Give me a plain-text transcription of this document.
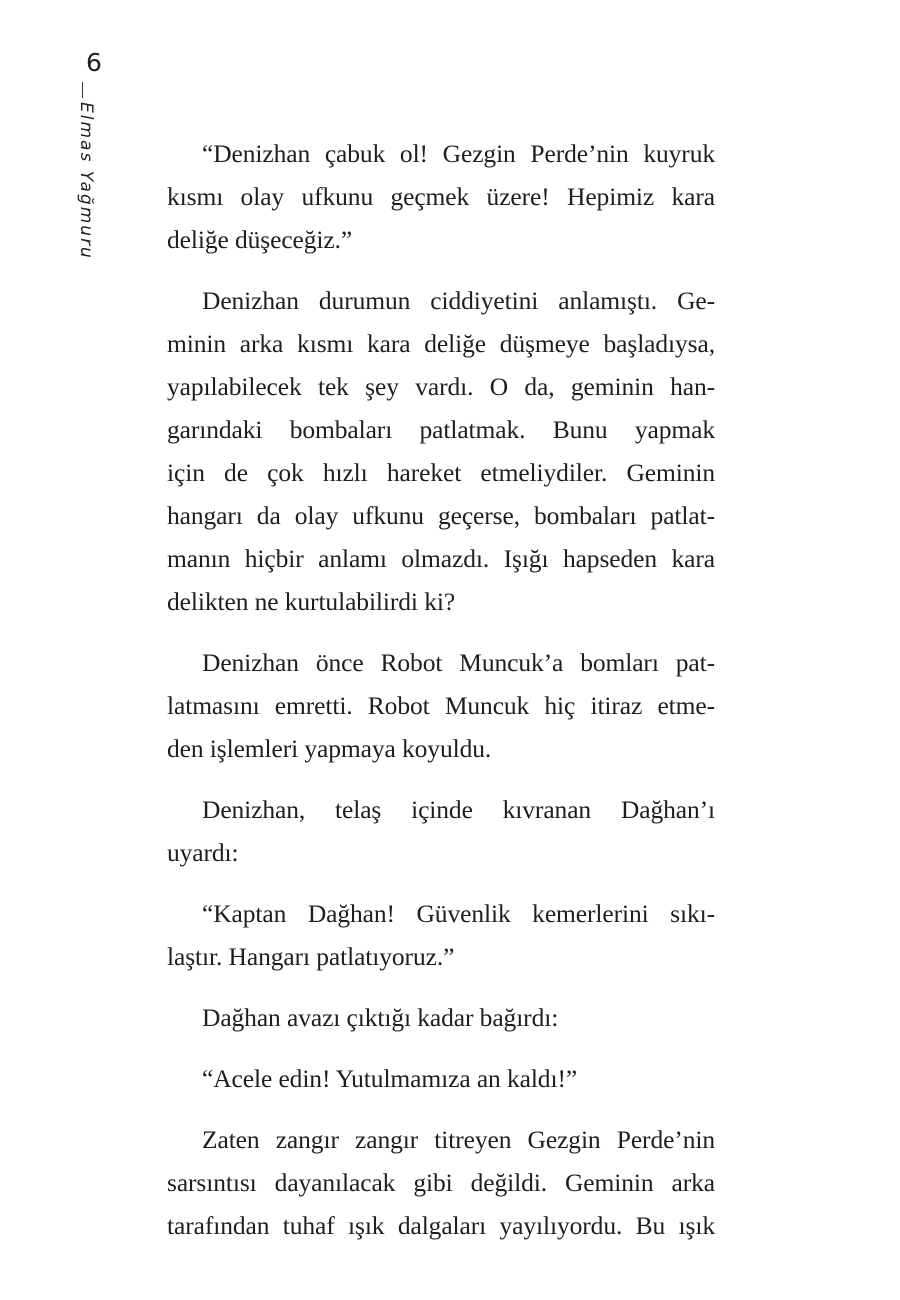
6
Elmas Yağmuru	“Denizhan çabuk ol! Gezgin Perde’nin kuyruk
kısmı olay ufkunu geçmek üzere! Hepimiz kara
deliğe düşeceğiz.”
Denizhan durumun ciddiyetini anlamıştı. Ge-
minin arka kısmı kara deliğe düşmeye başladıysa,
yapılabilecek tek şey vardı. O da, geminin han-
garındaki bombaları patlatmak. Bunu yapmak
için de çok hızlı hareket etmeliydiler. Geminin
hangarı da olay ufkunu geçerse, bombaları patlat-
manın hiçbir anlamı olmazdı. Işığı hapseden kara
delikten ne kurtulabilirdi ki?
Denizhan önce Robot Muncuk’a bomları pat-
latmasını emretti. Robot Muncuk hiç itiraz etme-
den işlemleri yapmaya koyuldu.
Denizhan, telaş içinde kıvranan Dağhan’ı
uyardı:
“Kaptan Dağhan! Güvenlik kemerlerini sıkı-
laştır. Hangarı patlatıyoruz.”
Dağhan avazı çıktığı kadar bağırdı:
“Acele edin! Yutulmamıza an kaldı!”
Zaten zangır zangır titreyen Gezgin Perde’nin
sarsıntısı dayanılacak gibi değildi. Geminin arka
tarafından tuhaf ışık dalgaları yayılıyordu. Bu ışık
